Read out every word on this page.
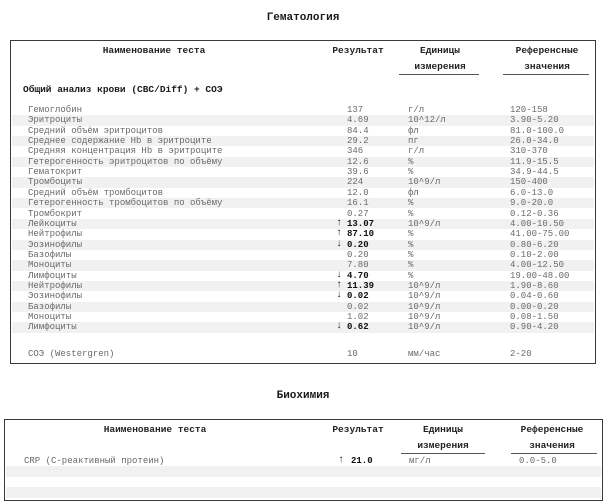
Гематология
Наименование теста	Результат	Единицы
измерения
Референсные
значения
Общий анализ крови (CBC/Diff) + СОЭ
Гемоглобин	137	г/л	120-158
Эритроциты	4.69	10^12/л	3.90-5.20
Средний объём эритроцитов	84.4	фл	81.0-100.0
Среднее содержание Hb в эритроците	29.2	пг	26.0-34.0
Средняя концентрация Hb в эритроците	346	г/л	310-370
Гетерогенность эритроцитов по объёму	12.6	%	11.9-15.5
Гематокрит	39.6	%	34.9-44.5
Тромбоциты	224	10^9/л	150-400
Средний объём тромбоцитов	12.0	фл	6.0-13.0
Гетерогенность тромбоцитов по объёму	16.1	%	9.0-20.0
Тромбокрит	0.27	%	0.12-0.36
Лейкоциты	↑ 13.07	10^9/л	4.00-10.50
Нейтрофилы	↑ 87.10	%	41.00-75.00
Эозинофилы	↓ 0.20	%	0.80-6.20
Базофилы	0.20	%	0.10-2.00
Моноциты	7.80	%	4.00-12.50
Лимфоциты	↓ 4.70	%	19.00-48.00
Нейтрофилы	↑ 11.39	10^9/л	1.90-8.60
Эозинофилы	↓ 0.02	10^9/л	0.04-0.60
Базофилы	0.02	10^9/л	0.00-0.20
Моноциты	1.02	10^9/л	0.08-1.50
Лимфоциты	↓ 0.62	10^9/л	0.90-4.20
СОЭ (Westergren)	10	мм/час	2-20
Биохимия
Наименование теста	Результат	Единицы
измерения
Референсные
значения
CRP (С-реактивный протеин)	↑ 21.0	мг/л	0.0-5.0
